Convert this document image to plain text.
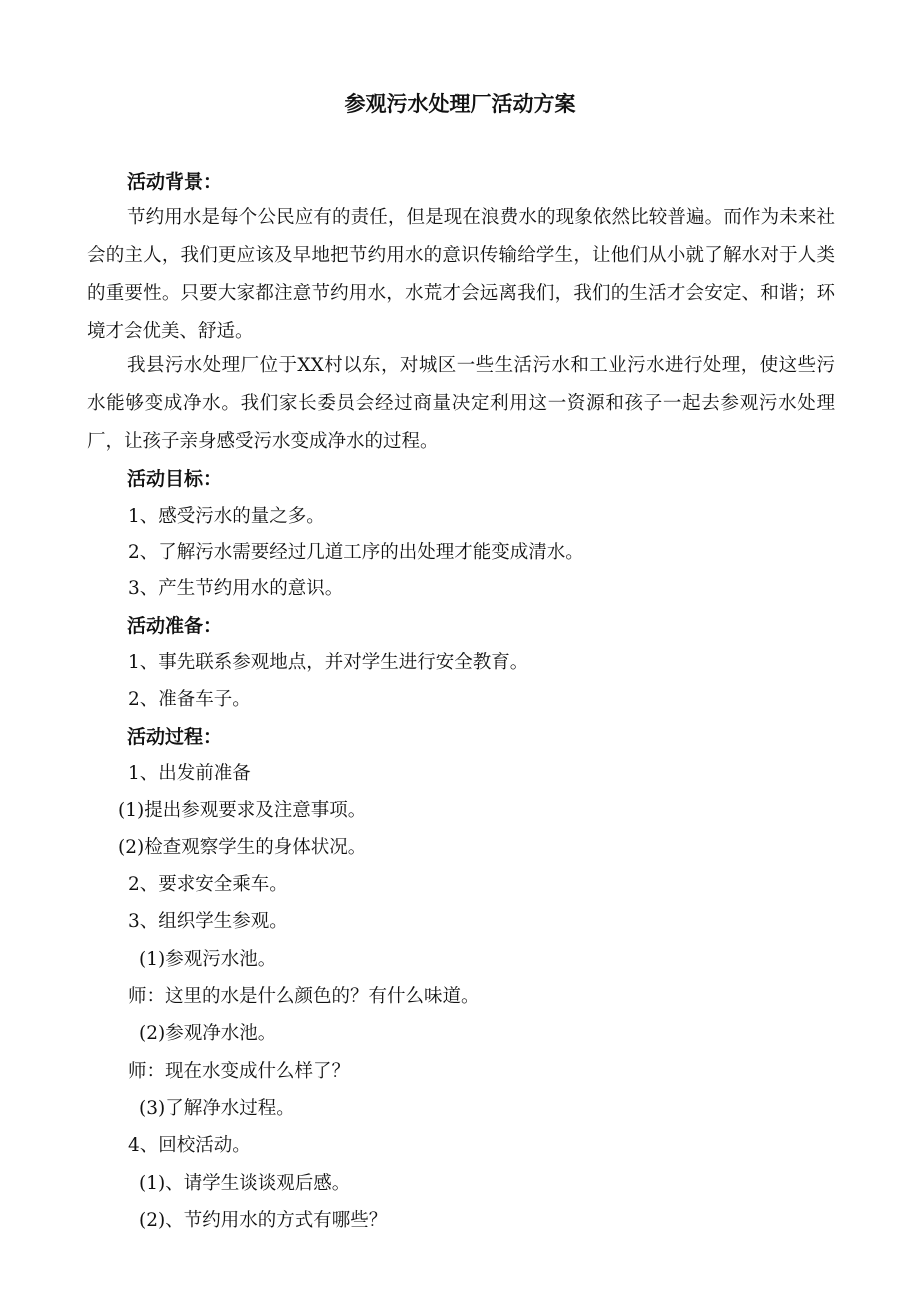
参观污水处理厂活动方案
活动背景：
节约用水是每个公民应有的责任，但是现在浪费水的现象依然比较普遍。而作为未来社会的主人，我们更应该及早地把节约用水的意识传输给学生，让他们从小就了解水对于人类的重要性。只要大家都注意节约用水，水荒才会远离我们，我们的生活才会安定、和谐；环境才会优美、舒适。
我县污水处理厂位于XX村以东，对城区一些生活污水和工业污水进行处理，使这些污水能够变成净水。我们家长委员会经过商量决定利用这一资源和孩子一起去参观污水处理厂，让孩子亲身感受污水变成净水的过程。
活动目标：
1、感受污水的量之多。
2、了解污水需要经过几道工序的出处理才能变成清水。
3、产生节约用水的意识。
活动准备：
1、事先联系参观地点，并对学生进行安全教育。
2、准备车子。
活动过程：
1、出发前准备
(1)提出参观要求及注意事项。
(2)检查观察学生的身体状况。
2、要求安全乘车。
3、组织学生参观。
(1)参观污水池。
师：这里的水是什么颜色的？有什么味道。
(2)参观净水池。
师：现在水变成什么样了？
(3)了解净水过程。
4、回校活动。
(1)、请学生谈谈观后感。
(2)、节约用水的方式有哪些？
